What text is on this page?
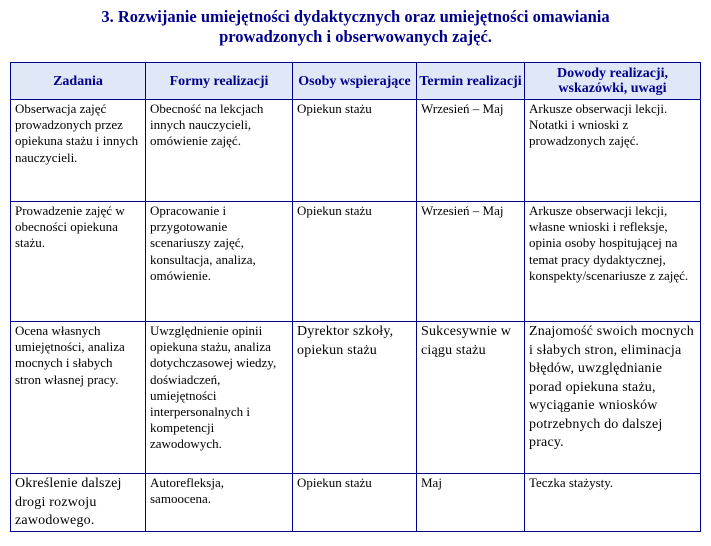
3. Rozwijanie umiejętności dydaktycznych oraz umiejętności omawiania
prowadzonych i obserwowanych zajęć.
Zadania	Formy realizacji	Osoby wspierające	Termin realizacji	Dowody realizacji, wskazówki, uwagi
Obserwacja zajęć prowadzonych przez opiekuna stażu i innych nauczycieli.	Obecność na lekcjach innych nauczycieli, omówienie zajęć.	Opiekun stażu	Wrzesień – Maj	Arkusze obserwacji lekcji. Notatki i wnioski z prowadzonych zajęć.
Prowadzenie zajęć w obecności opiekuna stażu.	Opracowanie i przygotowanie scenariuszy zajęć, konsultacja, analiza, omówienie.	Opiekun stażu	Wrzesień – Maj	Arkusze obserwacji lekcji, własne wnioski i refleksje, opinia osoby hospitującej na temat pracy dydaktycznej, konspekty/scenariusze z zajęć.
Ocena własnych umiejętności, analiza mocnych i słabych stron własnej pracy.	Uwzględnienie opinii opiekuna stażu, analiza dotychczasowej wiedzy, doświadczeń, umiejętności interpersonalnych i kompetencji zawodowych.	Dyrektor szkoły, opiekun stażu	Sukcesywnie w ciągu stażu	Znajomość swoich mocnych i słabych stron, eliminacja błędów, uwzględnianie porad opiekuna stażu, wyciąganie wniosków potrzebnych do dalszej pracy.
Określenie dalszej drogi rozwoju zawodowego.	Autorefleksja, samoocena.	Opiekun stażu	Maj	Teczka stażysty.
